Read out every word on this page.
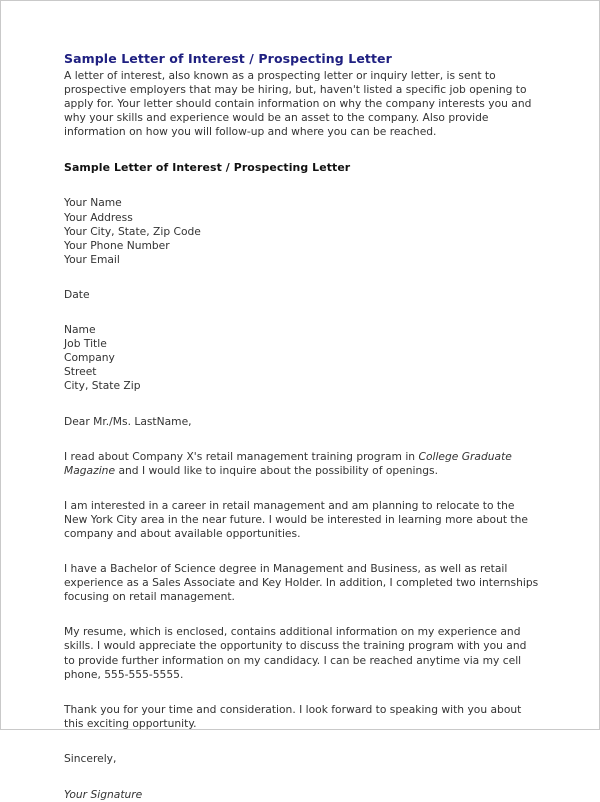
Sample Letter of Interest / Prospecting Letter

A letter of interest, also known as a prospecting letter or inquiry letter, is sent to prospective employers that may be hiring, but, haven't listed a specific job opening to apply for. Your letter should contain information on why the company interests you and why your skills and experience would be an asset to the company. Also provide information on how you will follow-up and where you can be reached.

Sample Letter of Interest / Prospecting Letter
Your Name
Your Address
Your City, State, Zip Code
Your Phone Number
Your Email
Date
Name
Job Title
Company
Street
City, State Zip
Dear Mr./Ms. LastName,

I read about Company X's retail management training program in College Graduate Magazine and I would like to inquire about the possibility of openings.

I am interested in a career in retail management and am planning to relocate to the New York City area in the near future. I would be interested in learning more about the company and about available opportunities.

I have a Bachelor of Science degree in Management and Business, as well as retail experience as a Sales Associate and Key Holder. In addition, I completed two internships focusing on retail management.

My resume, which is enclosed, contains additional information on my experience and skills. I would appreciate the opportunity to discuss the training program with you and to provide further information on my candidacy. I can be reached anytime via my cell phone, 555-555-5555.

Thank you for your time and consideration. I look forward to speaking with you about this exciting opportunity.

Sincerely,
Your Signature
